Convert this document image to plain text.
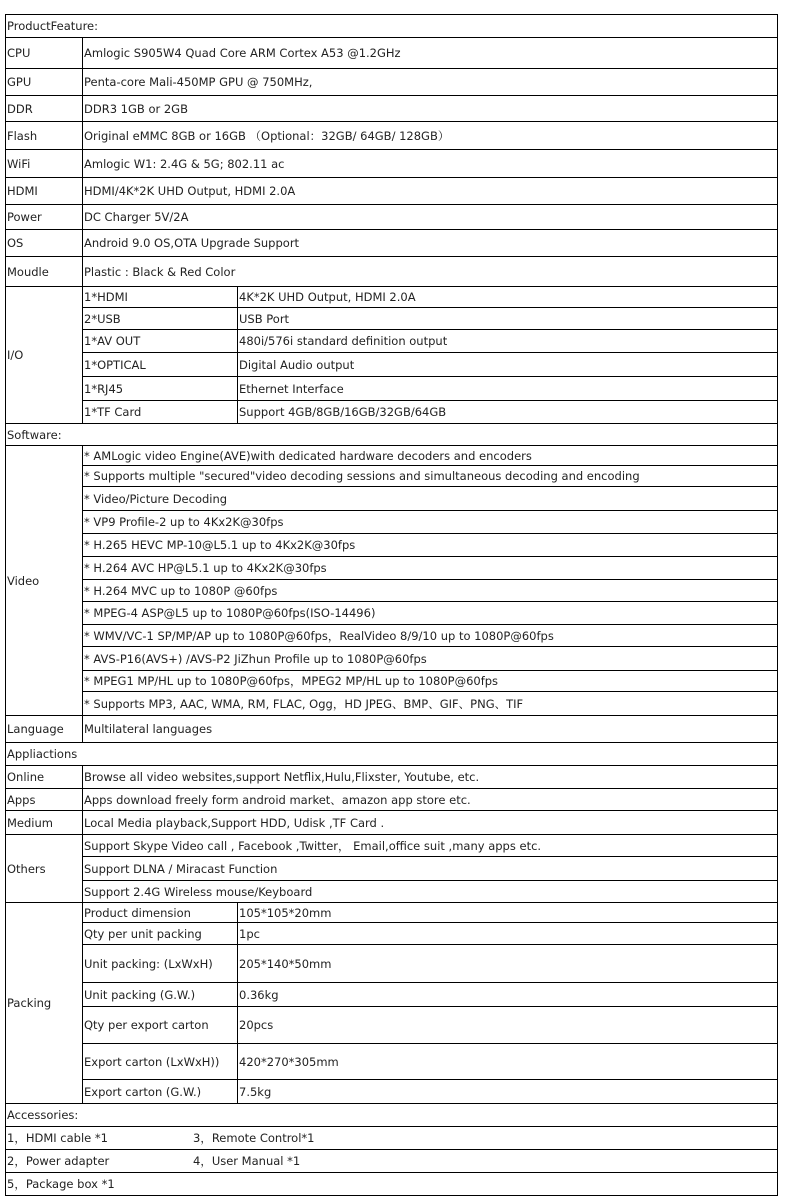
ProductFeature:		
CPU	Amlogic S905W4 Quad Core ARM Cortex A53 @1.2GHz	
GPU	Penta-core Mali-450MP GPU @ 750MHz,	
DDR	DDR3 1GB or 2GB	
Flash	Original eMMC 8GB or 16GB （Optional：32GB/ 64GB/ 128GB）	
WiFi	Amlogic W1: 2.4G & 5G; 802.11 ac	
HDMI	HDMI/4K*2K UHD Output, HDMI 2.0A	
Power	DC Charger 5V/2A	
OS	Android 9.0 OS,OTA Upgrade Support	
Moudle	Plastic : Black & Red Color	
I/O	1*HDMI	4K*2K UHD Output, HDMI 2.0A
	2*USB	USB Port
	1*AV OUT	480i/576i standard definition output
	1*OPTICAL	Digital Audio output
	1*RJ45	Ethernet Interface
	1*TF Card	Support 4GB/8GB/16GB/32GB/64GB
Software:		
Video	* AMLogic video Engine(AVE)with dedicated hardware decoders and encoders	
	* Supports multiple "secured"video decoding sessions and simultaneous decoding and encoding	
	* Video/Picture Decoding	
	* VP9 Profile-2 up to 4Kx2K@30fps	
	* H.265 HEVC MP-10@L5.1 up to 4Kx2K@30fps	
	* H.264 AVC HP@L5.1 up to 4Kx2K@30fps	
	* H.264 MVC up to 1080P @60fps	
	* MPEG-4 ASP@L5 up to 1080P@60fps(ISO-14496)	
	* WMV/VC-1 SP/MP/AP up to 1080P@60fps，RealVideo 8/9/10 up to 1080P@60fps	
	* AVS-P16(AVS+) /AVS-P2 JiZhun Profile up to 1080P@60fps	
	* MPEG1 MP/HL up to 1080P@60fps，MPEG2 MP/HL up to 1080P@60fps	
	* Supports MP3, AAC, WMA, RM, FLAC, Ogg，HD JPEG、BMP、GIF、PNG、TIF	
Language	Multilateral languages	
Appliactions		
Online	Browse all video websites,support Netflix,Hulu,Flixster, Youtube, etc.	
Apps	Apps download freely form android market、amazon app store etc.	
Medium	Local Media playback,Support HDD, Udisk ,TF Card .	
Others	Support Skype Video call , Facebook ,Twitter， Email,office suit ,many apps etc.	
	Support DLNA / Miracast Function	
	Support 2.4G Wireless mouse/Keyboard	
Packing	Product dimension	105*105*20mm
	Qty per unit packing	1pc
	Unit packing: (LxWxH)	205*140*50mm
	Unit packing (G.W.)	0.36kg
	Qty per export carton	20pcs
	Export carton (LxWxH))	420*270*305mm
	Export carton (G.W.)	7.5kg
Accessories:		
1，HDMI cable *1 3，Remote Control*1		
2，Power adapter 4，User Manual *1		
5，Package box *1		
